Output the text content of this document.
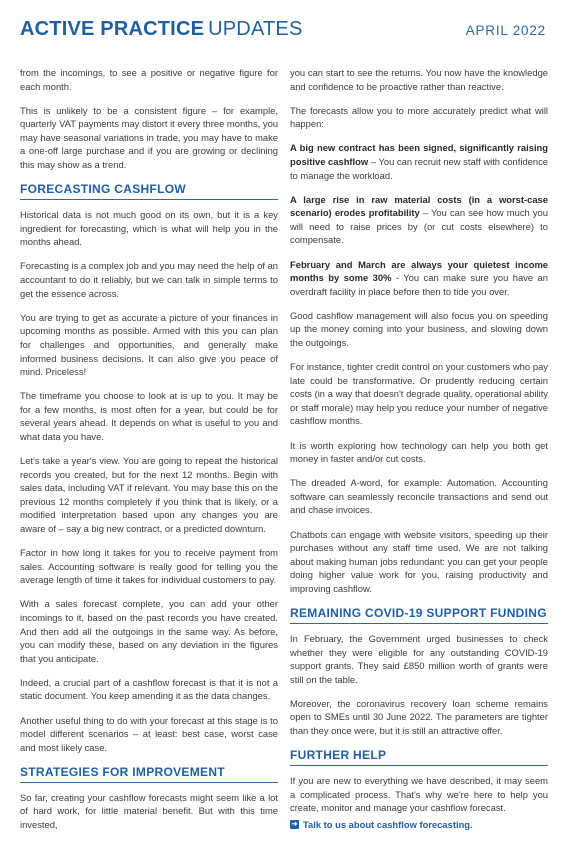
ACTIVE PRACTICE UPDATES	APRIL 2022

from the incomings, to see a positive or negative figure for each month.

This is unlikely to be a consistent figure – for example, quarterly VAT payments may distort it every three months, you may have seasonal variations in trade, you may have to make a one-off large purchase and if you are growing or declining this may show as a trend.

FORECASTING CASHFLOW

Historical data is not much good on its own, but it is a key ingredient for forecasting, which is what will help you in the months ahead.

Forecasting is a complex job and you may need the help of an accountant to do it reliably, but we can talk in simple terms to get the essence across.

You are trying to get as accurate a picture of your finances in upcoming months as possible. Armed with this you can plan for challenges and opportunities, and generally make informed business decisions. It can also give you peace of mind. Priceless!

The timeframe you choose to look at is up to you. It may be for a few months, is most often for a year, but could be for several years ahead. It depends on what is useful to you and what data you have.

Let's take a year's view. You are going to repeat the historical records you created, but for the next 12 months. Begin with sales data, including VAT if relevant. You may base this on the previous 12 months completely if you think that is likely, or a modified interpretation based upon any changes you are aware of – say a big new contract, or a predicted downturn.

Factor in how long it takes for you to receive payment from sales. Accounting software is really good for telling you the average length of time it takes for individual customers to pay.

With a sales forecast complete, you can add your other incomings to it, based on the past records you have created. And then add all the outgoings in the same way. As before, you can modify these, based on any deviation in the figures that you anticipate.

Indeed, a crucial part of a cashflow forecast is that it is not a static document. You keep amending it as the data changes.

Another useful thing to do with your forecast at this stage is to model different scenarios – at least: best case, worst case and most likely case.

STRATEGIES FOR IMPROVEMENT

So far, creating your cashflow forecasts might seem like a lot of hard work, for little material benefit. But with this time invested,

you can start to see the returns. You now have the knowledge and confidence to be proactive rather than reactive.

The forecasts allow you to more accurately predict what will happen:

A big new contract has been signed, significantly raising positive cashflow – You can recruit new staff with confidence to manage the workload.

A large rise in raw material costs (in a worst-case scenario) erodes profitability – You can see how much you will need to raise prices by (or cut costs elsewhere) to compensate.

February and March are always your quietest income months by some 30% - You can make sure you have an overdraft facility in place before then to tide you over.

Good cashflow management will also focus you on speeding up the money coming into your business, and slowing down the outgoings.

For instance, tighter credit control on your customers who pay late could be transformative. Or prudently reducing certain costs (in a way that doesn't degrade quality, operational ability or staff morale) may help you reduce your number of negative cashflow months.

It is worth exploring how technology can help you both get money in faster and/or cut costs.

The dreaded A-word, for example: Automation. Accounting software can seamlessly reconcile transactions and send out and chase invoices.

Chatbots can engage with website visitors, speeding up their purchases without any staff time used. We are not talking about making human jobs redundant: you can get your people doing higher value work for you, raising productivity and improving cashflow.

REMAINING COVID-19 SUPPORT FUNDING

In February, the Government urged businesses to check whether they were eligible for any outstanding COVID-19 support grants. They said £850 million worth of grants were still on the table.

Moreover, the coronavirus recovery loan scheme remains open to SMEs until 30 June 2022. The parameters are tighter than they once were, but it is still an attractive offer.

FURTHER HELP

If you are new to everything we have described, it may seem a complicated process. That's why we're here to help you create, monitor and manage your cashflow forecast.

➜ Talk to us about cashflow forecasting.
